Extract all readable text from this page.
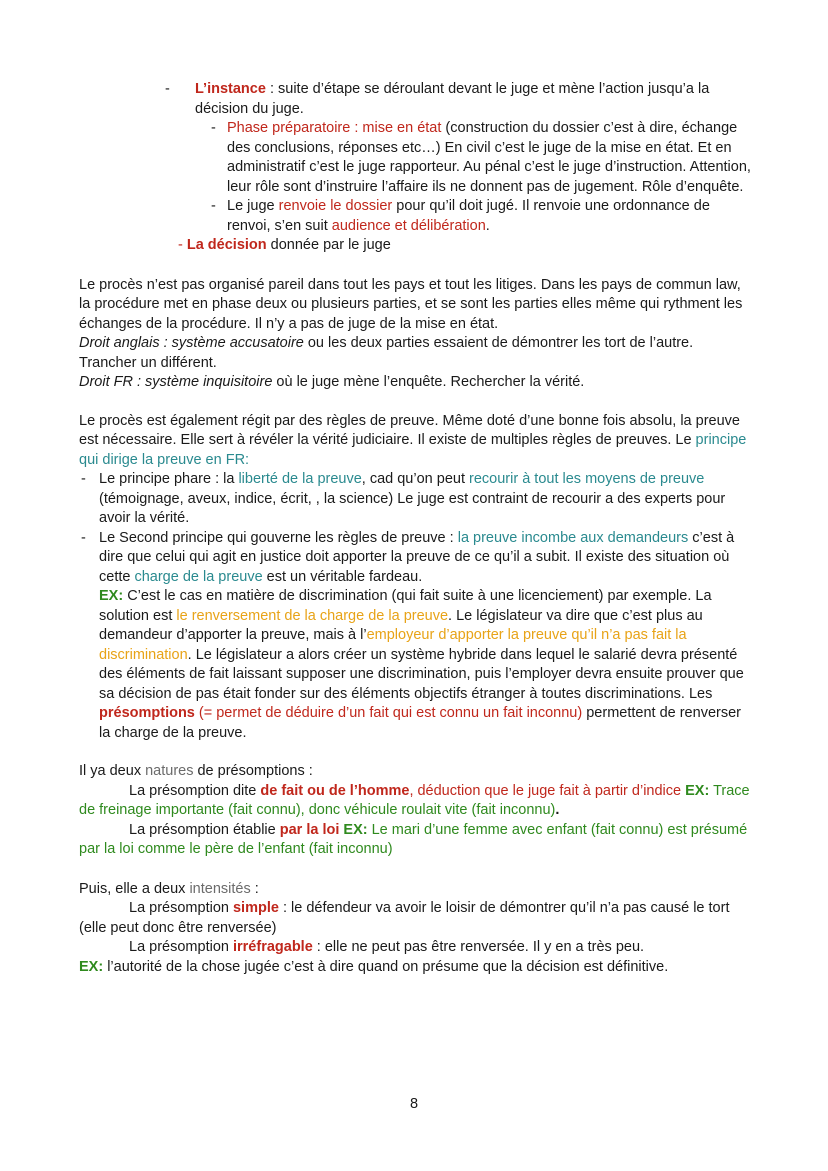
- L’instance : suite d’étape se déroulant devant le juge et mène l’action jusqu’a la décision du juge.
- Phase préparatoire : mise en état (construction du dossier c’est à dire, échange des conclusions, réponses etc…) En civil c’est le juge de la mise en état. Et en administratif c’est le juge rapporteur. Au pénal c’est le juge d’instruction. Attention, leur rôle sont d’instruire l’affaire ils ne donnent pas de jugement. Rôle d’enquête.
- Le juge renvoie le dossier pour qu’il doit jugé. Il renvoie une ordonnance de renvoi, s’en suit audience et délibération.
- La décision donnée par le juge

Le procès n’est pas organisé pareil dans tout les pays et tout les litiges. Dans les pays de commun law, la procédure met en phase deux ou plusieurs parties, et se sont les parties elles même qui rythment les échanges de la procédure. Il n’y a pas de juge de la mise en état.
Droit anglais : système accusatoire ou les deux parties essaient de démontrer les tort de l’autre. Trancher un différent.
Droit FR : système inquisitoire où le juge mène l’enquête. Rechercher la vérité.

Le procès est également régit par des règles de preuve. Même doté d’une bonne fois absolu, la preuve est nécessaire. Elle sert à révéler la vérité judiciaire. Il existe de multiples règles de preuves. Le principe qui dirige la preuve en FR:

- Le principe phare : la liberté de la preuve, cad qu’on peut recourir à tout les moyens de preuve (témoignage, aveux, indice, écrit, , la science) Le juge est contraint de recourir a des experts pour avoir la vérité.
- Le Second principe qui gouverne les règles de preuve : la preuve incombe aux demandeurs c’est à dire que celui qui agit en justice doit apporter la preuve de ce qu’il a subit. Il existe des situation où cette charge de la preuve est un véritable fardeau.
EX: C’est le cas en matière de discrimination (qui fait suite à une licenciement) par exemple. La solution est le renversement de la charge de la preuve. Le législateur va dire que c’est plus au demandeur d’apporter la preuve, mais à l’employeur d’apporter la preuve qu’il n’a pas fait la discrimination. Le législateur a alors créer un système hybride dans lequel le salarié devra présenté des éléments de fait laissant supposer une discrimination, puis l’employer devra ensuite prouver que sa décision de pas était fonder sur des éléments objectifs étranger à toutes discriminations. Les présomptions (= permet de déduire d’un fait qui est connu un fait inconnu) permettent de renverser la charge de la preuve.

Il ya deux natures de présomptions :

La présomption dite de fait ou de l’homme, déduction que le juge fait à partir d’indice EX: Trace de freinage importante (fait connu), donc véhicule roulait vite (fait inconnu).

La présomption établie par la loi EX: Le mari d’une femme avec enfant (fait connu) est présumé par la loi comme le père de l’enfant (fait inconnu)

Puis, elle a deux intensités :

La présomption simple : le défendeur va avoir le loisir de démontrer qu’il n’a pas causé le tort (elle peut donc être renversée)

La présomption irréfragable : elle ne peut pas être renversée. Il y en a très peu.
EX: l’autorité de la chose jugée c’est à dire quand on présume que la décision est définitive.

8
